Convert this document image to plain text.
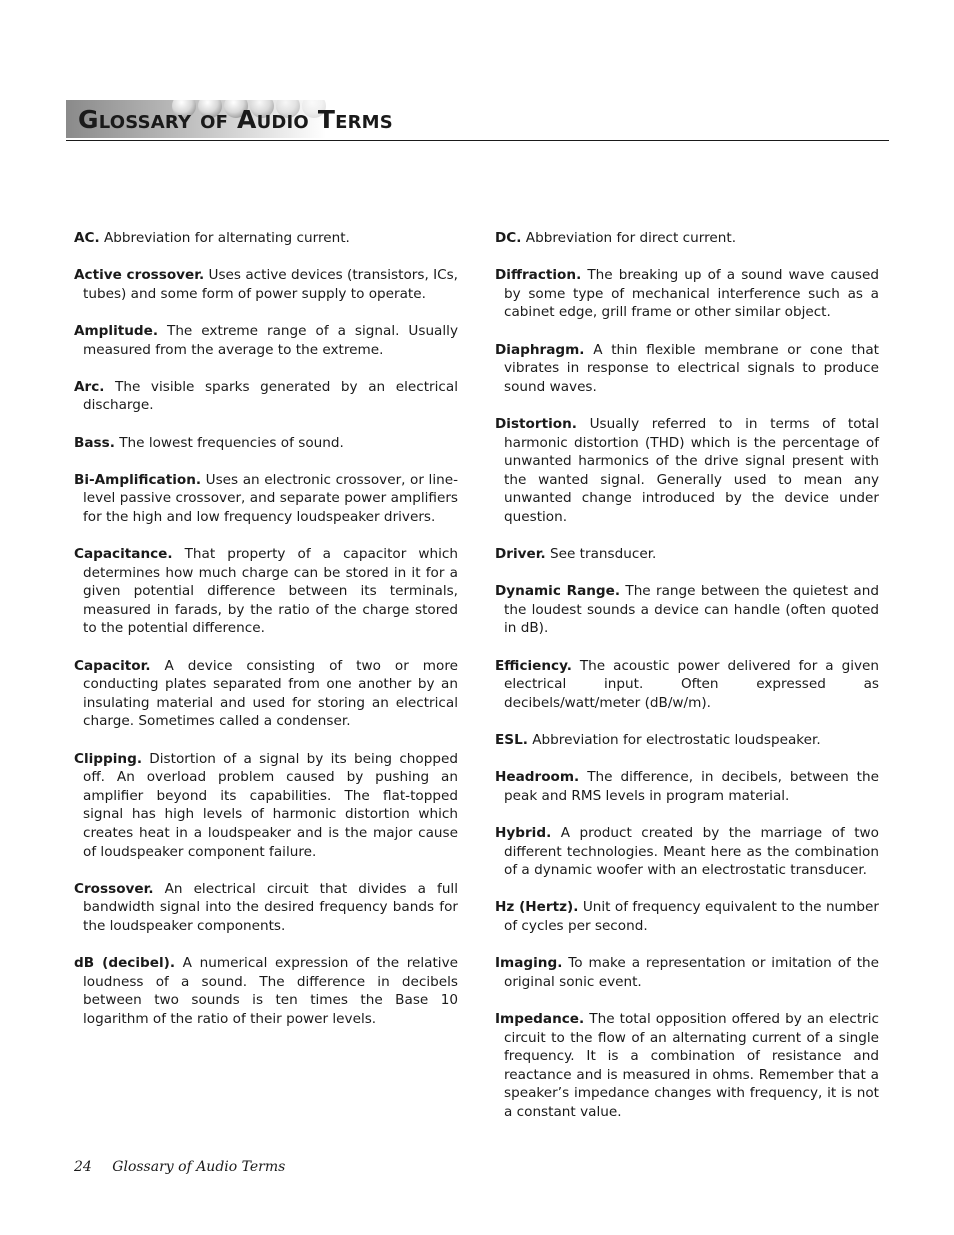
Glossary of Audio Terms

AC. Abbreviation for alternating current.

Active crossover. Uses active devices (transistors, ICs, tubes) and some form of power supply to operate.

Amplitude. The extreme range of a signal. Usually measured from the average to the extreme.

Arc. The visible sparks generated by an electrical discharge.

Bass. The lowest frequencies of sound.

Bi-Amplification. Uses an electronic crossover, or line-level passive crossover, and separate power amplifiers for the high and low frequency loudspeaker drivers.

Capacitance. That property of a capacitor which determines how much charge can be stored in it for a given potential difference between its terminals, measured in farads, by the ratio of the charge stored to the potential difference.

Capacitor. A device consisting of two or more conducting plates separated from one another by an insulating material and used for storing an electrical charge. Sometimes called a condenser.

Clipping. Distortion of a signal by its being chopped off. An overload problem caused by pushing an amplifier beyond its capabilities. The flat-topped signal has high levels of harmonic distortion which creates heat in a loudspeaker and is the major cause of loudspeaker component failure.

Crossover. An electrical circuit that divides a full bandwidth signal into the desired frequency bands for the loudspeaker components.

dB (decibel). A numerical expression of the relative loudness of a sound. The difference in decibels between two sounds is ten times the Base 10 logarithm of the ratio of their power levels.

DC. Abbreviation for direct current.

Diffraction. The breaking up of a sound wave caused by some type of mechanical interference such as a cabinet edge, grill frame or other similar object.

Diaphragm. A thin flexible membrane or cone that vibrates in response to electrical signals to produce sound waves.

Distortion. Usually referred to in terms of total harmonic distortion (THD) which is the percentage of unwanted harmonics of the drive signal present with the wanted signal. Generally used to mean any unwanted change introduced by the device under question.

Driver. See transducer.

Dynamic Range. The range between the quietest and the loudest sounds a device can handle (often quoted in dB).

Efficiency. The acoustic power delivered for a given electrical input. Often expressed as decibels/watt/meter (dB/w/m).

ESL. Abbreviation for electrostatic loudspeaker.

Headroom. The difference, in decibels, between the peak and RMS levels in program material.

Hybrid. A product created by the marriage of two different technologies. Meant here as the combination of a dynamic woofer with an electrostatic transducer.

Hz (Hertz). Unit of frequency equivalent to the number of cycles per second.

Imaging. To make a representation or imitation of the original sonic event.

Impedance. The total opposition offered by an electric circuit to the flow of an alternating current of a single frequency. It is a combination of resistance and reactance and is measured in ohms. Remember that a speaker’s impedance changes with frequency, it is not a constant value.

24 Glossary of Audio Terms
